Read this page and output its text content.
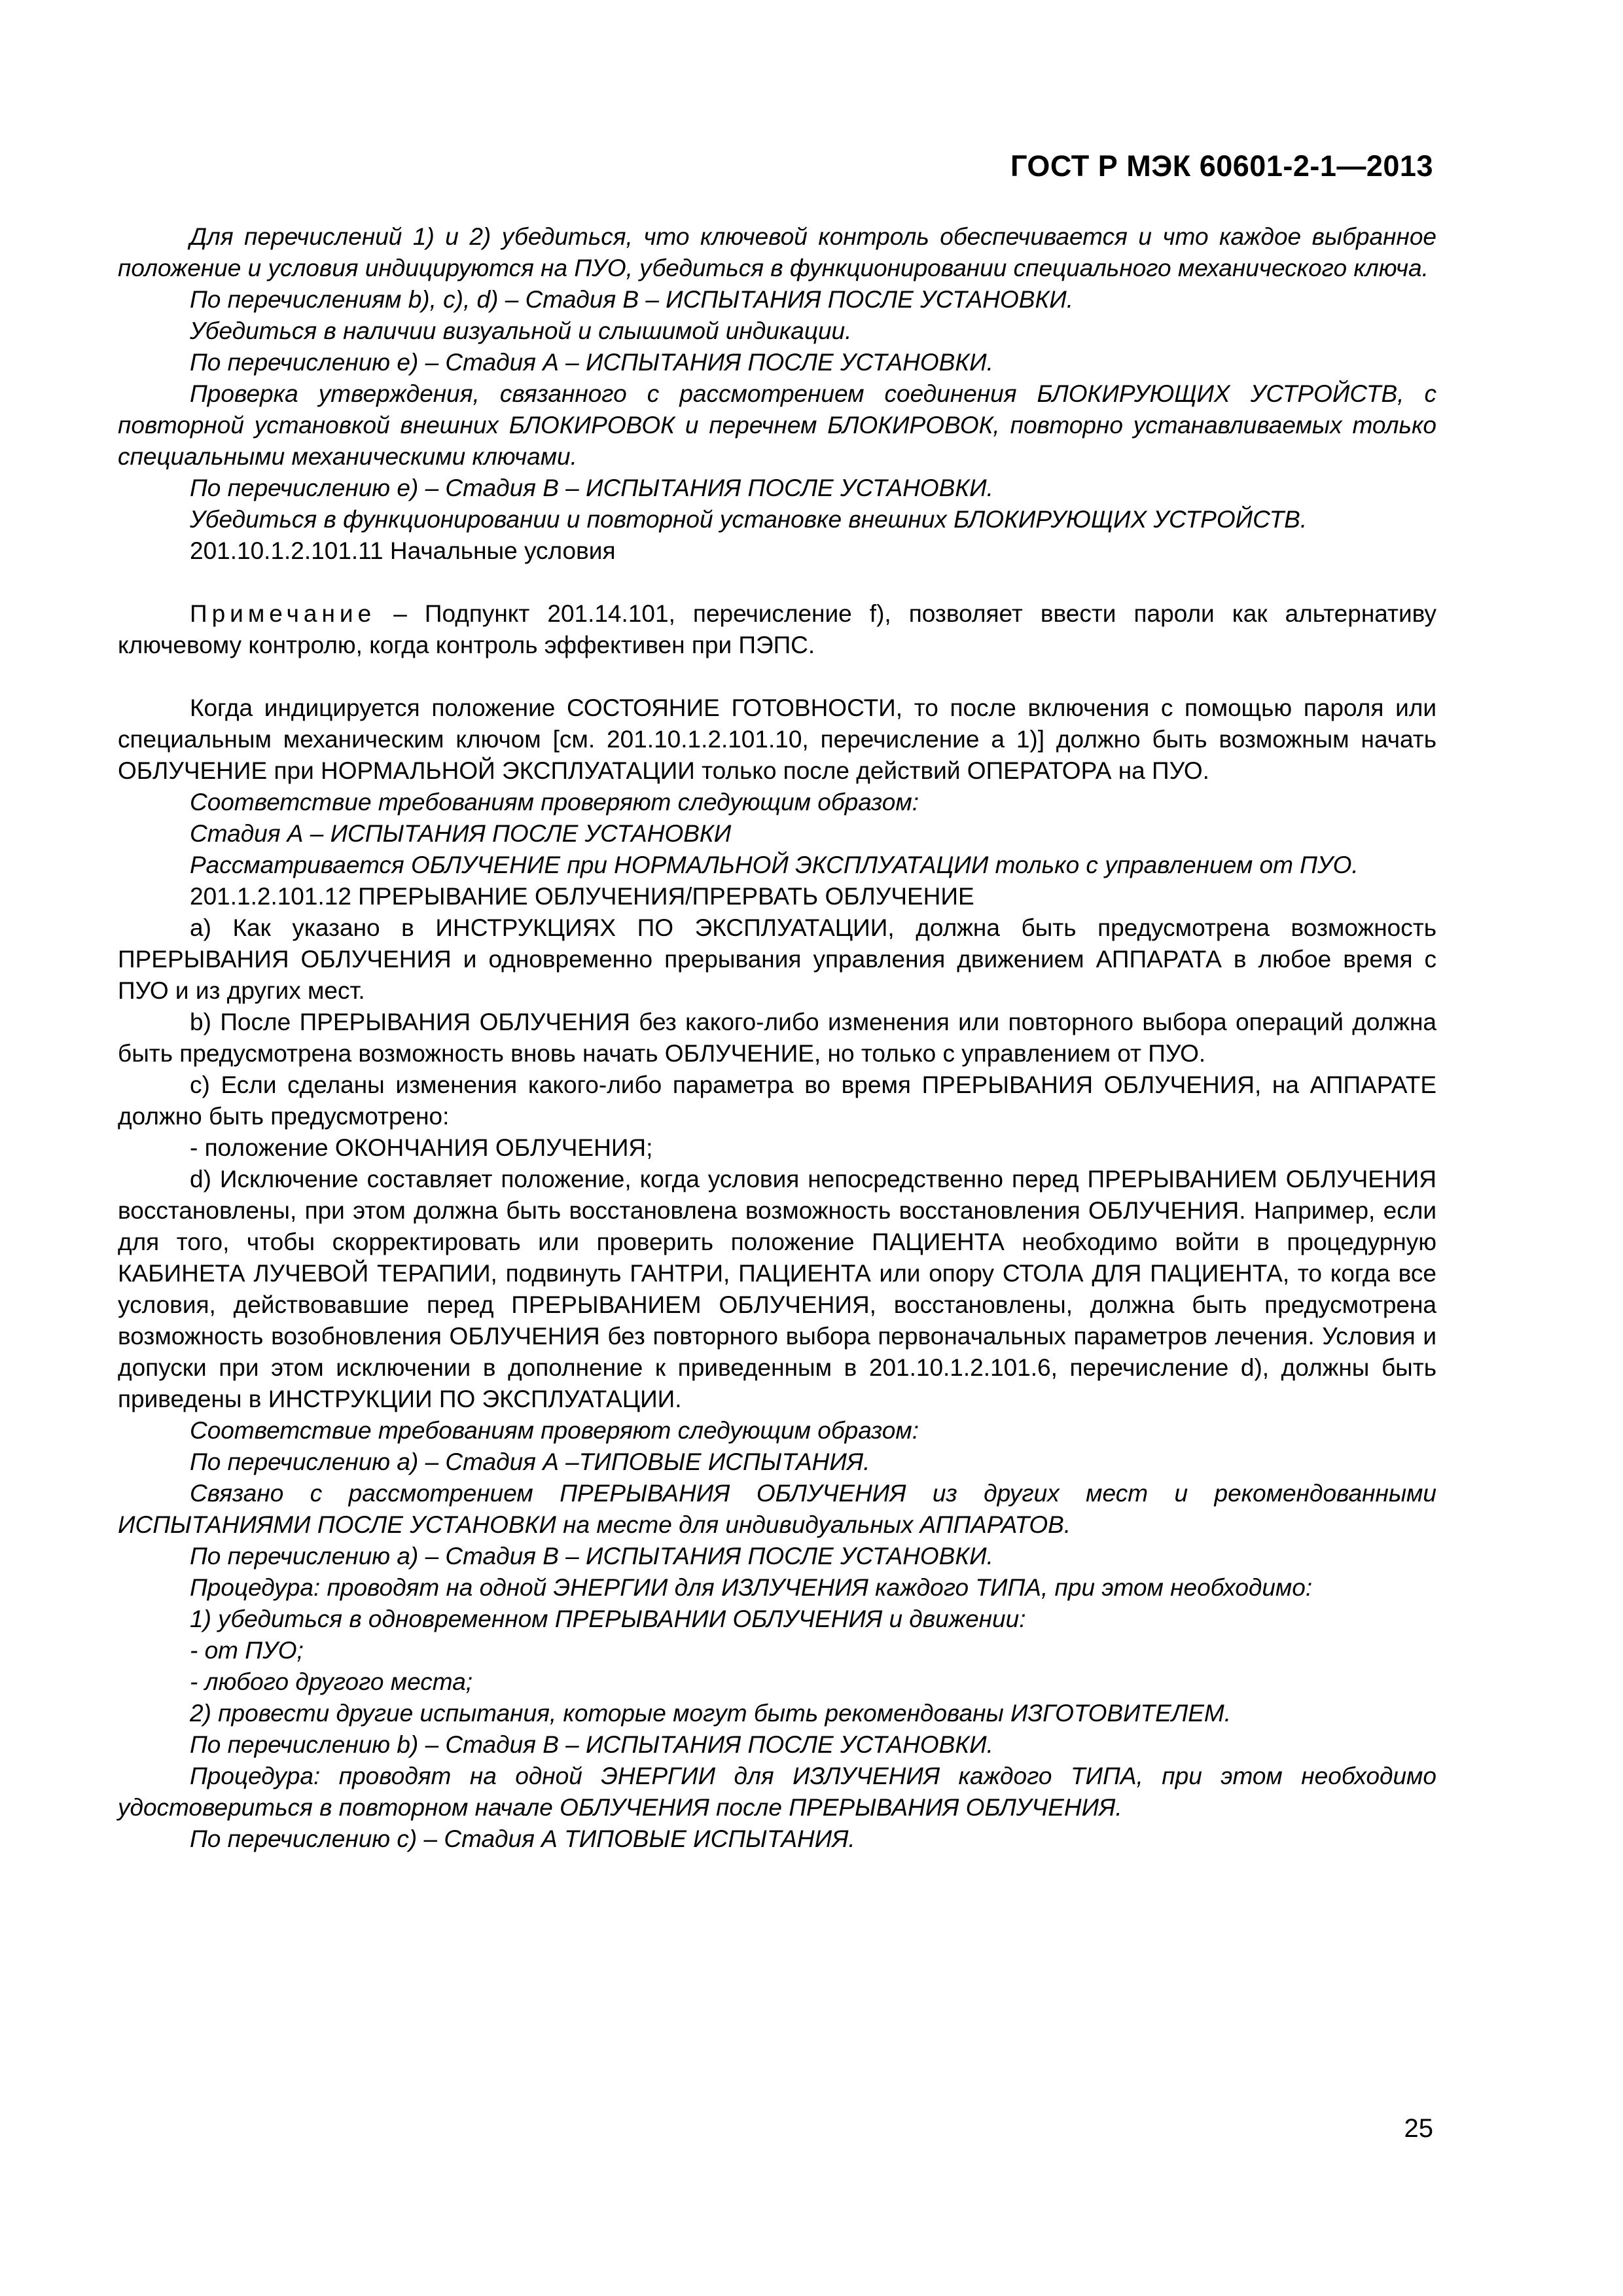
ГОСТ Р МЭК 60601-2-1—2013

Для перечислений 1) и 2) убедиться, что ключевой контроль обеспечивается и что каждое выбранное положение и условия индицируются на ПУО, убедиться в функционировании специального механического ключа.

По перечислениям b), c), d) – Стадия В – ИСПЫТАНИЯ ПОСЛЕ УСТАНОВКИ.

Убедиться в наличии визуальной и слышимой индикации.

По перечислению e) – Стадия А – ИСПЫТАНИЯ ПОСЛЕ УСТАНОВКИ.

Проверка утверждения, связанного с рассмотрением соединения БЛОКИРУЮЩИХ УСТРОЙСТВ, с повторной установкой внешних БЛОКИРОВОК и перечнем БЛОКИРОВОК, повторно устанавливаемых только специальными механическими ключами.

По перечислению e) – Стадия В – ИСПЫТАНИЯ ПОСЛЕ УСТАНОВКИ.

Убедиться в функционировании и повторной установке внешних БЛОКИРУЮЩИХ УСТРОЙСТВ.

201.10.1.2.101.11 Начальные условия

Примечание – Подпункт 201.14.101, перечисление f), позволяет ввести пароли как альтернативу ключевому контролю, когда контроль эффективен при ПЭПС.

Когда индицируется положение СОСТОЯНИЕ ГОТОВНОСТИ, то после включения с помощью пароля или специальным механическим ключом [см. 201.10.1.2.101.10, перечисление а 1)] должно быть возможным начать ОБЛУЧЕНИЕ при НОРМАЛЬНОЙ ЭКСПЛУАТАЦИИ только после действий ОПЕРАТОРА на ПУО.

Соответствие требованиям проверяют следующим образом:

Стадия А – ИСПЫТАНИЯ ПОСЛЕ УСТАНОВКИ

Рассматривается ОБЛУЧЕНИЕ при НОРМАЛЬНОЙ ЭКСПЛУАТАЦИИ только с управлением от ПУО.

201.1.2.101.12 ПРЕРЫВАНИЕ ОБЛУЧЕНИЯ/ПРЕРВАТЬ ОБЛУЧЕНИЕ

а) Как указано в ИНСТРУКЦИЯХ ПО ЭКСПЛУАТАЦИИ, должна быть предусмотрена возможность ПРЕРЫВАНИЯ ОБЛУЧЕНИЯ и одновременно прерывания управления движением АППАРАТА в любое время с ПУО и из других мест.

b) После ПРЕРЫВАНИЯ ОБЛУЧЕНИЯ без какого-либо изменения или повторного выбора операций должна быть предусмотрена возможность вновь начать ОБЛУЧЕНИЕ, но только с управлением от ПУО.

c) Если сделаны изменения какого-либо параметра во время ПРЕРЫВАНИЯ ОБЛУЧЕНИЯ, на АППАРАТЕ должно быть предусмотрено:

- положение ОКОНЧАНИЯ ОБЛУЧЕНИЯ;

d) Исключение составляет положение, когда условия непосредственно перед ПРЕРЫВАНИЕМ ОБЛУЧЕНИЯ восстановлены, при этом должна быть восстановлена возможность восстановления ОБЛУЧЕНИЯ. Например, если для того, чтобы скорректировать или проверить положение ПАЦИЕНТА необходимо войти в процедурную КАБИНЕТА ЛУЧЕВОЙ ТЕРАПИИ, подвинуть ГАНТРИ, ПАЦИЕНТА или опору СТОЛА ДЛЯ ПАЦИЕНТА, то когда все условия, действовавшие перед ПРЕРЫВАНИЕМ ОБЛУЧЕНИЯ, восстановлены, должна быть предусмотрена возможность возобновления ОБЛУЧЕНИЯ без повторного выбора первоначальных параметров лечения. Условия и допуски при этом исключении в дополнение к приведенным в 201.10.1.2.101.6, перечисление d), должны быть приведены в ИНСТРУКЦИИ ПО ЭКСПЛУАТАЦИИ.

Соответствие требованиям проверяют следующим образом:

По перечислению а) – Стадия А –ТИПОВЫЕ ИСПЫТАНИЯ.

Связано с рассмотрением ПРЕРЫВАНИЯ ОБЛУЧЕНИЯ из других мест и рекомендованными ИСПЫТАНИЯМИ ПОСЛЕ УСТАНОВКИ на месте для индивидуальных АППАРАТОВ.

По перечислению а) – Стадия В – ИСПЫТАНИЯ ПОСЛЕ УСТАНОВКИ.

Процедура: проводят на одной ЭНЕРГИИ для ИЗЛУЧЕНИЯ каждого ТИПА, при этом необходимо:

1) убедиться в одновременном ПРЕРЫВАНИИ ОБЛУЧЕНИЯ и движении:

- от ПУО;

- любого другого места;

2) провести другие испытания, которые могут быть рекомендованы ИЗГОТОВИТЕЛЕМ.

По перечислению b) – Стадия В – ИСПЫТАНИЯ ПОСЛЕ УСТАНОВКИ.

Процедура: проводят на одной ЭНЕРГИИ для ИЗЛУЧЕНИЯ каждого ТИПА, при этом необходимо удостовериться в повторном начале ОБЛУЧЕНИЯ после ПРЕРЫВАНИЯ ОБЛУЧЕНИЯ.

По перечислению c) – Стадия А ТИПОВЫЕ ИСПЫТАНИЯ.

25
